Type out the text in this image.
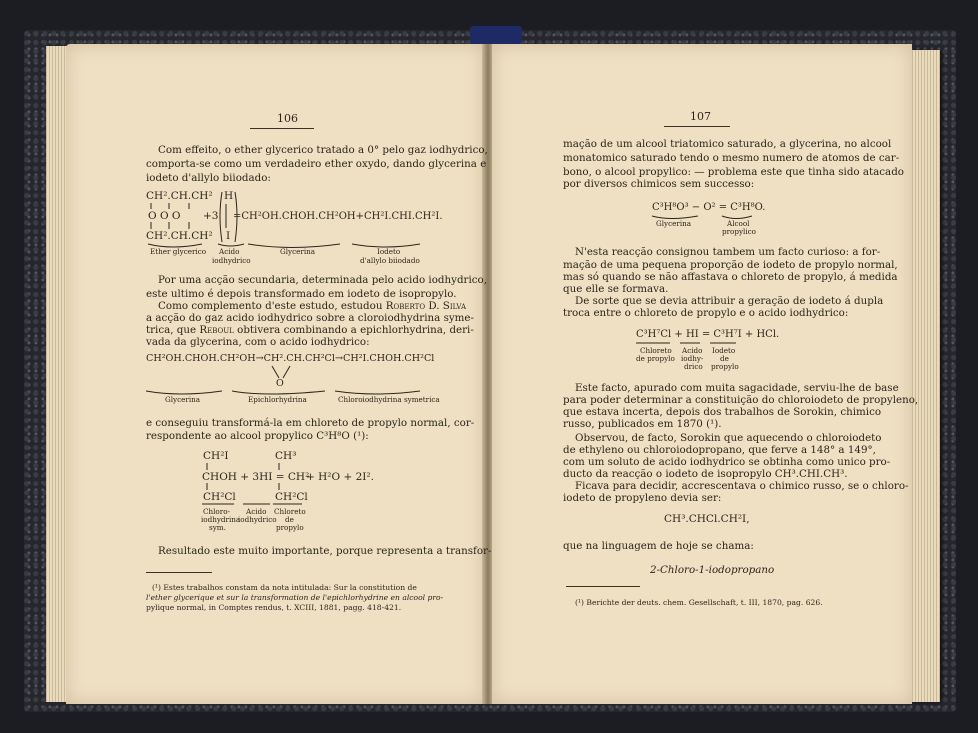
106
Com effeito, o ether glycerico tratado a 0° pelo gaz iodhydrico,
comporta-se como um verdadeiro ether oxydo, dando glycerina e
iodeto d'allylo biiodado:
CH².CH.CH²
O O O
CH².CH.CH²
+3
H
I
=CH²OH.CHOH.CH²OH+CH²I.CHI.CH²I.
Ether glycerico Acido
iodhydrico
Glycerina	Iodeto
d'allylo biiodado
Por uma acção secundaria, determinada pelo acido iodhydrico,
este ultimo é depois transformado em iodeto de isopropylo.
Como complemento d'este estudo, estudou Roberto D. Silva
a acção do gaz acido iodhydrico sobre a cloroiodhydrina syme-
trica, que Reboul obtivera combinando a epichlorhydrina, deri-
vada da glycerina, com o acido iodhydrico:
CH²OH.CHOH.CH²OH→CH².CH.CH²Cl→CH²I.CHOH.CH²Cl
O
Glycerina	Epichlorhydrina	Chloroiodhydrina symetrica
e conseguiu transformá-la em chloreto de propylo normal, cor-
respondente ao alcool propylico C³H⁸O (¹):
CH²I
CHOH + 3HI = CH²
+ H²O + 2I².
CH²Cl
CH³
CH²Cl
Chloro-
iodhydrina
sym.
Acido
iodhydrico
Chloreto
de
propylo
Resultado este muito importante, porque representa a transfor-
(¹) Estes trabalhos constam da nota intitulada: Sur la constitution de
l'ether glycerique et sur la transformation de l'epichlorhydrine en alcool pro-
pylique normal, in Comptes rendus, t. XCIII, 1881, pagg. 418-421.
107
mação de um alcool triatomico saturado, a glycerina, no alcool
monatomico saturado tendo o mesmo numero de atomos de car-
bono, o alcool propylico: — problema este que tinha sido atacado
por diversos chimicos sem successo:
C³H⁸O³ − O² = C³H⁸O.
Glycerina	Alcool
propylico
N'esta reacção consignou tambem um facto curioso: a for-
mação de uma pequena proporção de iodeto de propylo normal,
mas só quando se não affastava o chloreto de propylo, á medida
que elle se formava.
De sorte que se devia attribuir a geração de iodeto á dupla
troca entre o chloreto de propylo e o acido iodhydrico:
C³H⁷Cl + HI = C³H⁷I + HCl.
Chloreto
de propylo
Acido
iodhy-
drico
Iodeto
de
propylo
Este facto, apurado com muita sagacidade, serviu-lhe de base
para poder determinar a constituição do chloroiodeto de propyleno,
que estava incerta, depois dos trabalhos de Sorokin, chimico
russo, publicados em 1870 (¹).
Observou, de facto, Sorokin que aquecendo o chloroiodeto
de ethyleno ou chloroiodopropano, que ferve a 148° a 149°,
com um soluto de acido iodhydrico se obtinha como unico pro-
ducto da reacção o iodeto de isopropylo CH³.CHI.CH³.
Ficava para decidir, accrescentava o chimico russo, se o chloro-
iodeto de propyleno devia ser:
CH³.CHCl.CH²I,
que na linguagem de hoje se chama:
2-Chloro-1-iodopropano
(¹) Berichte der deuts. chem. Gesellschaft, t. III, 1870, pag. 626.
